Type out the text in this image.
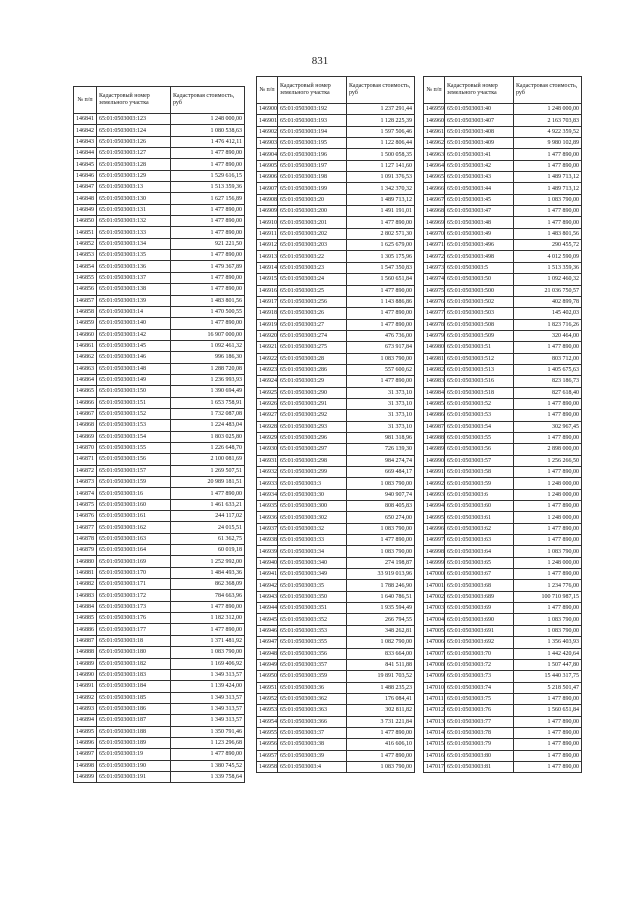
831
№ п/п	Кадастровый номер земельного участка	Кадастровая стоимость, руб
146841	65:01:0503003:123	1 248 000,00
146842	65:01:0503003:124	1 080 538,63
146843	65:01:0503003:126	1 476 412,11
146844	65:01:0503003:127	1 477 890,00
146845	65:01:0503003:128	1 477 890,00
146846	65:01:0503003:129	1 529 616,15
146847	65:01:0503003:13	1 513 359,36
146848	65:01:0503003:130	1 627 156,89
146849	65:01:0503003:131	1 477 890,00
146850	65:01:0503003:132	1 477 890,00
146851	65:01:0503003:133	1 477 890,00
146852	65:01:0503003:134	921 221,50
146853	65:01:0503003:135	1 477 890,00
146854	65:01:0503003:136	1 479 367,89
146855	65:01:0503003:137	1 477 890,00
146856	65:01:0503003:138	1 477 890,00
146857	65:01:0503003:139	1 483 801,56
146858	65:01:0503003:14	1 470 500,55
146859	65:01:0503003:140	1 477 890,00
146860	65:01:0503003:142	16 907 000,00
146861	65:01:0503003:145	1 092 461,32
146862	65:01:0503003:146	996 186,30
146863	65:01:0503003:148	1 288 720,08
146864	65:01:0503003:149	1 236 993,93
146865	65:01:0503003:150	1 390 694,49
146866	65:01:0503003:151	1 653 758,91
146867	65:01:0503003:152	1 732 087,08
146868	65:01:0503003:153	1 224 483,04
146869	65:01:0503003:154	1 803 025,80
146870	65:01:0503003:155	1 226 648,70
146871	65:01:0503003:156	2 100 081,69
146872	65:01:0503003:157	1 269 507,51
146873	65:01:0503003:159	20 989 181,51
146874	65:01:0503003:16	1 477 890,00
146875	65:01:0503003:160	1 461 633,21
146876	65:01:0503003:161	244 117,02
146877	65:01:0503003:162	24 015,51
146878	65:01:0503003:163	61 362,75
146879	65:01:0503003:164	60 019,18
146880	65:01:0503003:169	1 252 992,00
146881	65:01:0503003:170	1 484 493,36
146882	65:01:0503003:171	862 368,09
146883	65:01:0503003:172	784 663,96
146884	65:01:0503003:173	1 477 890,00
146885	65:01:0503003:176	1 182 312,00
146886	65:01:0503003:177	1 477 890,00
146887	65:01:0503003:18	1 371 481,92
146888	65:01:0503003:180	1 083 790,00
146889	65:01:0503003:182	1 169 406,92
146890	65:01:0503003:183	1 349 313,57
146891	65:01:0503003:184	1 139 424,00
146892	65:01:0503003:185	1 349 313,57
146893	65:01:0503003:186	1 349 313,57
146894	65:01:0503003:187	1 349 313,57
146895	65:01:0503003:188	1 350 791,46
146896	65:01:0503003:189	1 123 296,68
146897	65:01:0503003:19	1 477 890,00
146898	65:01:0503003:190	1 380 745,52
146899	65:01:0503003:191	1 339 758,64
№ п/п	Кадастровый номер земельного участка	Кадастровая стоимость, руб
146900	65:01:0503003:192	1 237 291,44
146901	65:01:0503003:193	1 128 225,39
146902	65:01:0503003:194	1 597 506,46
146903	65:01:0503003:195	1 122 806,44
146904	65:01:0503003:196	1 500 058,35
146905	65:01:0503003:197	1 127 141,60
146906	65:01:0503003:198	1 091 376,53
146907	65:01:0503003:199	1 342 370,32
146908	65:01:0503003:20	1 489 713,12
146909	65:01:0503003:200	1 491 191,01
146910	65:01:0503003:201	1 477 890,00
146911	65:01:0503003:202	2 802 571,30
146912	65:01:0503003:203	1 625 679,00
146913	65:01:0503003:22	1 305 175,96
146914	65:01:0503003:23	1 547 350,83
146915	65:01:0503003:24	1 560 651,84
146916	65:01:0503003:25	1 477 890,00
146917	65:01:0503003:256	1 143 886,86
146918	65:01:0503003:26	1 477 890,00
146919	65:01:0503003:27	1 477 890,00
146920	65:01:0503003:274	476 736,00
146921	65:01:0503003:275	673 917,84
146922	65:01:0503003:28	1 083 790,00
146923	65:01:0503003:286	557 600,62
146924	65:01:0503003:29	1 477 890,00
146925	65:01:0503003:290	31 373,10
146926	65:01:0503003:291	31 373,10
146927	65:01:0503003:292	31 373,10
146928	65:01:0503003:293	31 373,10
146929	65:01:0503003:296	981 318,96
146930	65:01:0503003:297	726 139,30
146931	65:01:0503003:298	984 274,74
146932	65:01:0503003:299	669 484,17
146933	65:01:0503003:3	1 083 790,00
146934	65:01:0503003:30	940 907,74
146935	65:01:0503003:300	808 405,83
146936	65:01:0503003:302	650 274,00
146937	65:01:0503003:32	1 083 790,00
146938	65:01:0503003:33	1 477 890,00
146939	65:01:0503003:34	1 083 790,00
146940	65:01:0503003:340	274 198,87
146941	65:01:0503003:349	33 919 013,96
146942	65:01:0503003:35	1 788 246,90
146943	65:01:0503003:350	1 640 786,51
146944	65:01:0503003:351	1 935 594,49
146945	65:01:0503003:352	266 794,55
146946	65:01:0503003:353	348 262,81
146947	65:01:0503003:355	1 082 790,00
146948	65:01:0503003:356	833 664,00
146949	65:01:0503003:357	841 511,88
146950	65:01:0503003:359	19 891 703,52
146951	65:01:0503003:36	1 488 235,23
146952	65:01:0503003:362	176 084,41
146953	65:01:0503003:363	302 811,82
146954	65:01:0503003:366	3 731 221,84
146955	65:01:0503003:37	1 477 890,00
146956	65:01:0503003:38	416 606,10
146957	65:01:0503003:39	1 477 890,00
146958	65:01:0503003:4	1 083 790,00
№ п/п	Кадастровый номер земельного участка	Кадастровая стоимость, руб
146959	65:01:0503003:40	1 248 000,00
146960	65:01:0503003:407	2 163 703,83
146961	65:01:0503003:408	4 922 359,52
146962	65:01:0503003:409	9 980 102,89
146963	65:01:0503003:41	1 477 890,00
146964	65:01:0503003:42	1 477 890,00
146965	65:01:0503003:43	1 489 713,12
146966	65:01:0503003:44	1 489 713,12
146967	65:01:0503003:45	1 083 790,00
146968	65:01:0503003:47	1 477 890,00
146969	65:01:0503003:48	1 477 890,00
146970	65:01:0503003:49	1 483 801,56
146971	65:01:0503003:496	290 455,72
146972	65:01:0503003:498	4 012 590,09
146973	65:01:0503003:5	1 513 359,36
146974	65:01:0503003:50	1 092 460,32
146975	65:01:0503003:500	21 036 750,57
146976	65:01:0503003:502	402 899,78
146977	65:01:0503003:503	145 402,03
146978	65:01:0503003:508	1 823 716,26
146979	65:01:0503003:509	320 464,00
146980	65:01:0503003:51	1 477 890,00
146981	65:01:0503003:512	803 712,00
146982	65:01:0503003:513	1 405 675,63
146983	65:01:0503003:516	823 186,73
146984	65:01:0503003:518	827 618,40
146985	65:01:0503003:52	1 477 890,00
146986	65:01:0503003:53	1 477 890,00
146987	65:01:0503003:54	302 967,45
146988	65:01:0503003:55	1 477 890,00
146989	65:01:0503003:56	2 898 000,00
146990	65:01:0503003:57	1 256 266,50
146991	65:01:0503003:58	1 477 890,00
146992	65:01:0503003:59	1 248 000,00
146993	65:01:0503003:6	1 248 000,00
146994	65:01:0503003:60	1 477 890,00
146995	65:01:0503003:61	1 248 000,00
146996	65:01:0503003:62	1 477 890,00
146997	65:01:0503003:63	1 477 890,00
146998	65:01:0503003:64	1 083 790,00
146999	65:01:0503003:65	1 248 000,00
147000	65:01:0503003:67	1 477 890,00
147001	65:01:0503003:68	1 234 776,00
147002	65:01:0503003:689	100 710 987,15
147003	65:01:0503003:69	1 477 890,00
147004	65:01:0503003:690	1 083 790,00
147005	65:01:0503003:691	1 083 790,00
147006	65:01:0503003:692	1 356 403,93
147007	65:01:0503003:70	1 442 420,64
147008	65:01:0503003:72	1 507 447,80
147009	65:01:0503003:73	15 440 317,75
147010	65:01:0503003:74	5 218 501,47
147011	65:01:0503003:75	1 477 890,00
147012	65:01:0503003:76	1 560 651,84
147013	65:01:0503003:77	1 477 890,00
147014	65:01:0503003:78	1 477 890,00
147015	65:01:0503003:79	1 477 890,00
147016	65:01:0503003:80	1 477 890,00
147017	65:01:0503003:81	1 477 890,00
